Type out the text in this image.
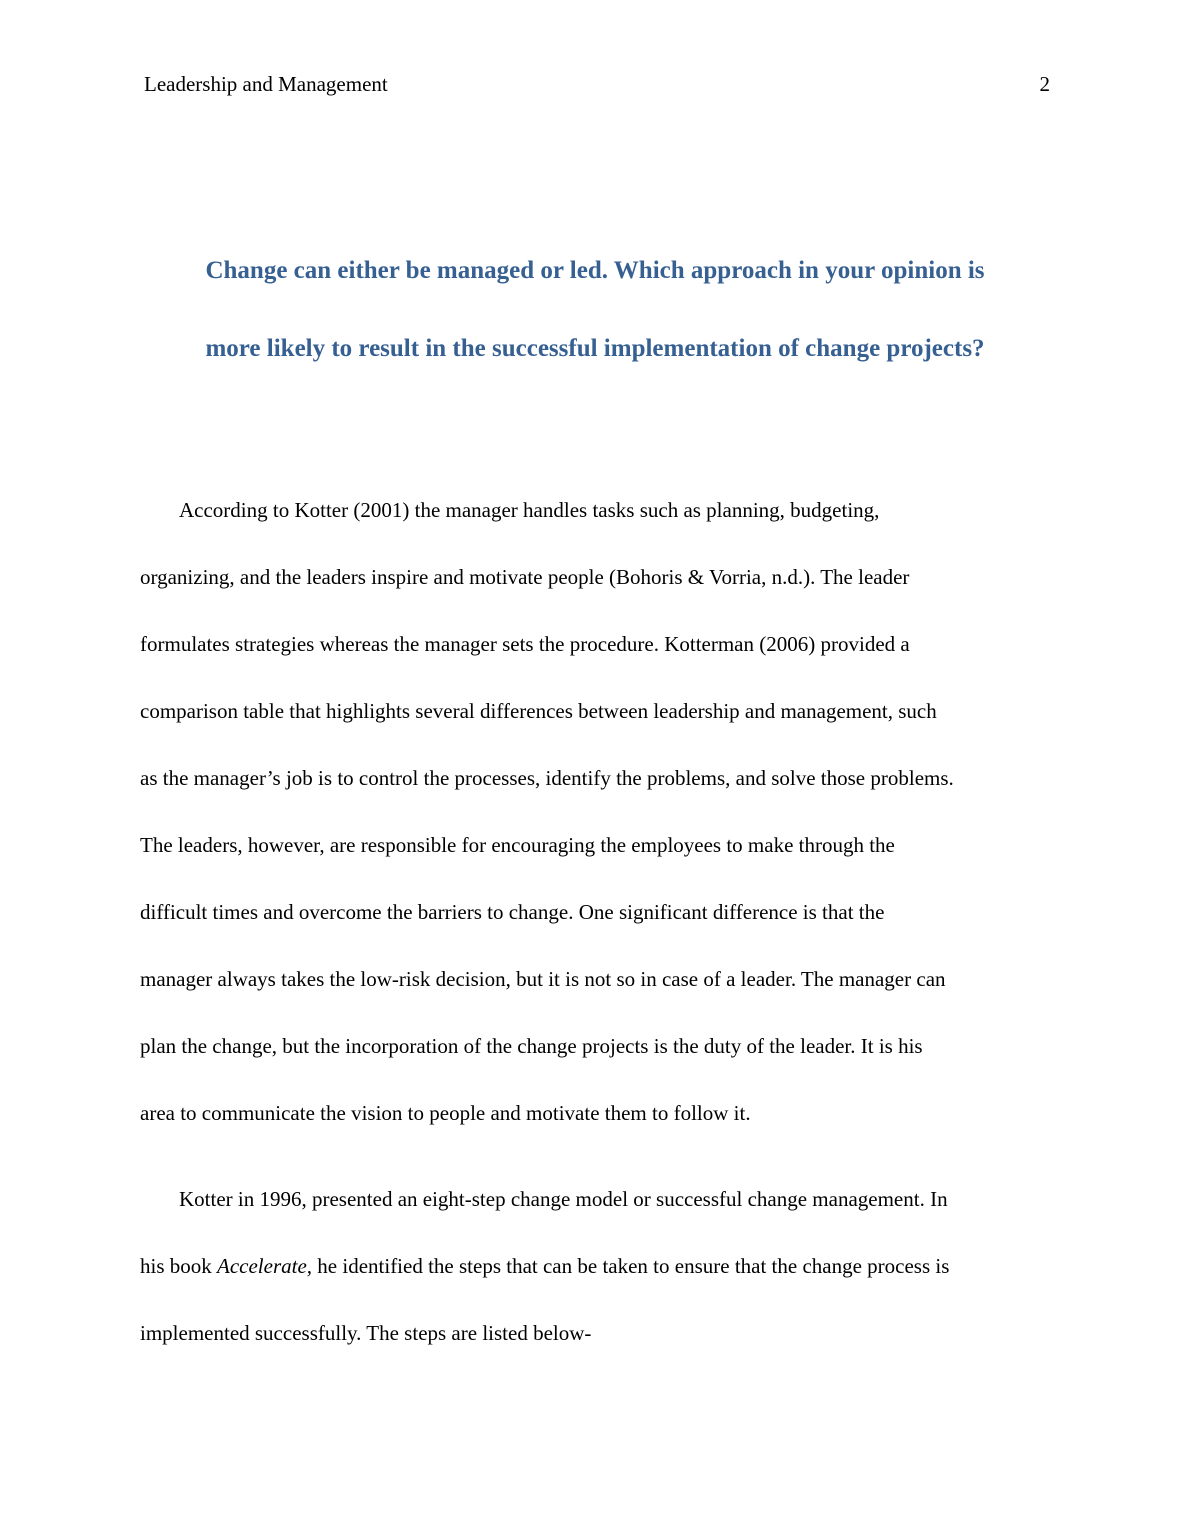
Leadership and Management	2
Change can either be managed or led. Which approach in your opinion is
more likely to result in the successful implementation of change projects?

According to Kotter (2001) the manager handles tasks such as planning, budgeting,
organizing, and the leaders inspire and motivate people (Bohoris & Vorria, n.d.). The leader
formulates strategies whereas the manager sets the procedure. Kotterman (2006) provided a
comparison table that highlights several differences between leadership and management, such
as the manager’s job is to control the processes, identify the problems, and solve those problems.
The leaders, however, are responsible for encouraging the employees to make through the
difficult times and overcome the barriers to change. One significant difference is that the
manager always takes the low-risk decision, but it is not so in case of a leader. The manager can
plan the change, but the incorporation of the change projects is the duty of the leader. It is his
area to communicate the vision to people and motivate them to follow it.

Kotter in 1996, presented an eight-step change model or successful change management. In
his book Accelerate, he identified the steps that can be taken to ensure that the change process is
implemented successfully. The steps are listed below-
